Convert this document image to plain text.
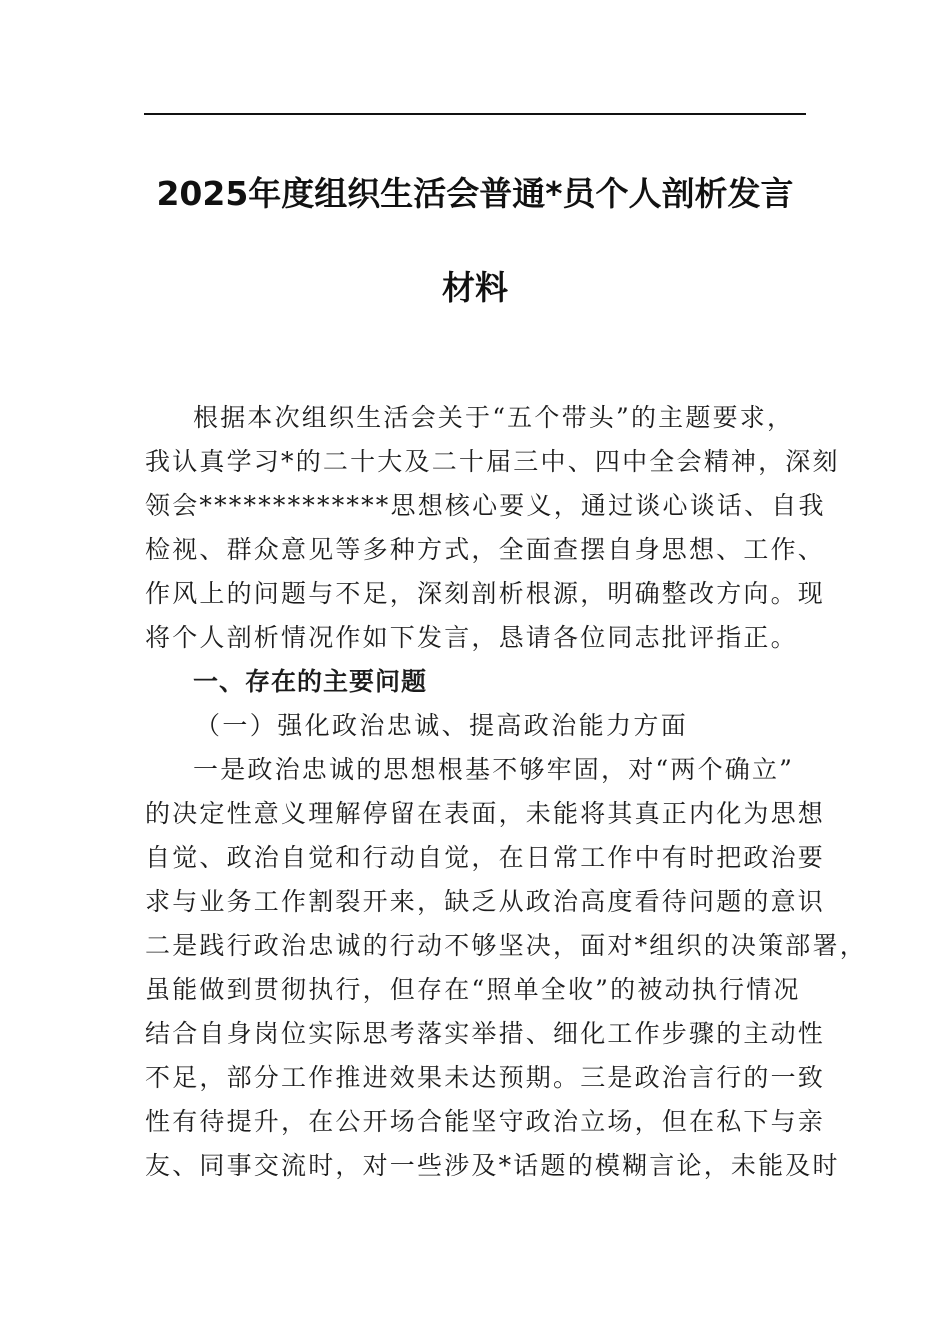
2025年度组织生活会普通*员个人剖析发言
材料
根据本次组织生活会关于“五个带头”的主题要求，
我认真学习*的二十大及二十届三中、四中全会精神，深刻
领会*************思想核心要义，通过谈心谈话、自我
检视、群众意见等多种方式，全面查摆自身思想、工作、
作风上的问题与不足，深刻剖析根源，明确整改方向。现
将个人剖析情况作如下发言，恳请各位同志批评指正。
一、存在的主要问题
（一）强化政治忠诚、提高政治能力方面
一是政治忠诚的思想根基不够牢固，对“两个确立”
的决定性意义理解停留在表面，未能将其真正内化为思想
自觉、政治自觉和行动自觉，在日常工作中有时把政治要
求与业务工作割裂开来，缺乏从政治高度看待问题的意识
二是践行政治忠诚的行动不够坚决，面对*组织的决策部署，
虽能做到贯彻执行，但存在“照单全收”的被动执行情况
结合自身岗位实际思考落实举措、细化工作步骤的主动性
不足，部分工作推进效果未达预期。三是政治言行的一致
性有待提升，在公开场合能坚守政治立场，但在私下与亲
友、同事交流时，对一些涉及*话题的模糊言论，未能及时
